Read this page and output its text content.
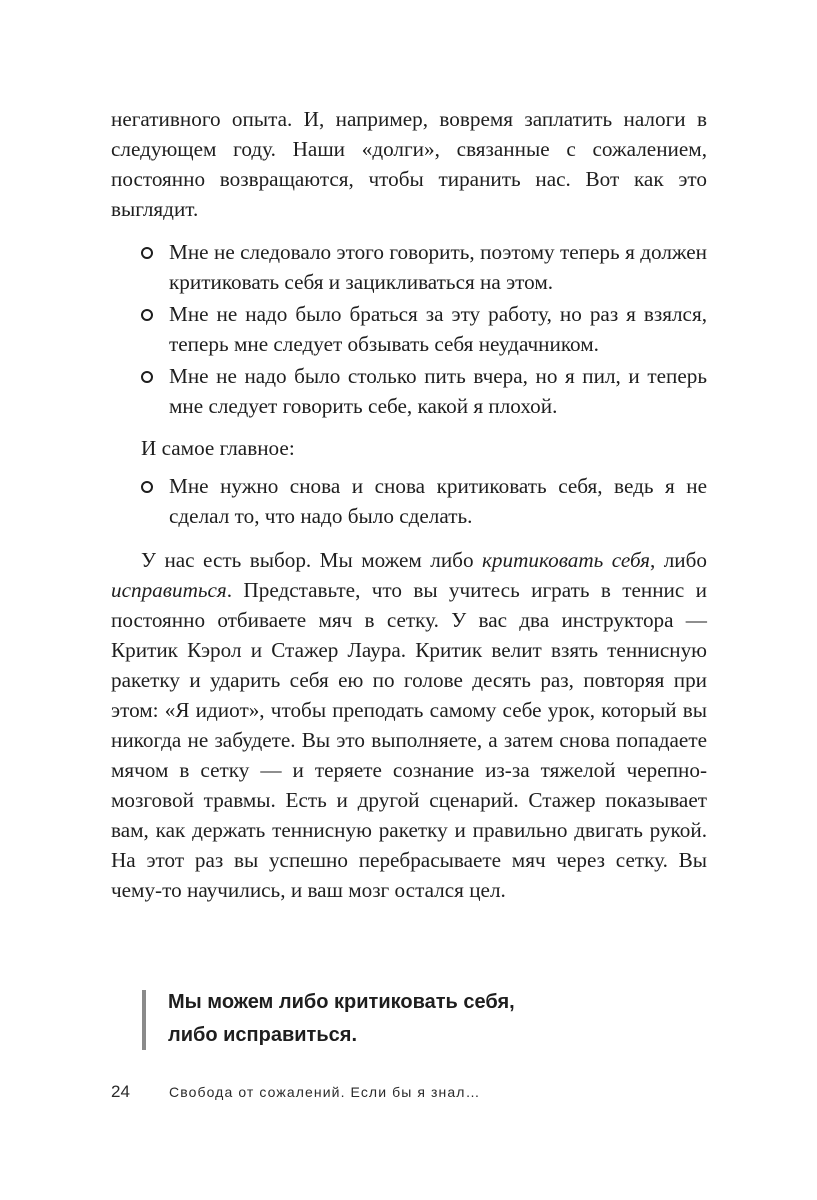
негативного опыта. И, например, вовремя заплатить налоги в следующем году. Наши «долги», связанные с сожалением, постоянно возвращаются, чтобы тиранить нас. Вот как это выглядит.

Мне не следовало этого говорить, поэтому теперь я должен критиковать себя и зацикливаться на этом.
Мне не надо было браться за эту работу, но раз я взялся, теперь мне следует обзывать себя неудачником.
Мне не надо было столько пить вчера, но я пил, и теперь мне следует говорить себе, какой я плохой.

И самое главное:

Мне нужно снова и снова критиковать себя, ведь я не сделал то, что надо было сделать.

У нас есть выбор. Мы можем либо критиковать себя, либо исправиться. Представьте, что вы учитесь играть в теннис и постоянно отбиваете мяч в сетку. У вас два инструктора — Критик Кэрол и Стажер Лаура. Критик велит взять теннисную ракетку и ударить себя ею по голове десять раз, повторяя при этом: «Я идиот», чтобы преподать самому себе урок, который вы никогда не забудете. Вы это выполняете, а затем снова попадаете мячом в сетку — и теряете сознание из-за тяжелой черепно-мозговой травмы. Есть и другой сценарий. Стажер показывает вам, как держать теннисную ракетку и правильно двигать рукой. На этот раз вы успешно перебрасываете мяч через сетку. Вы чему-то научились, и ваш мозг остался цел.

Мы можем либо критиковать себя,
либо исправиться.
24	Свобода от сожалений. Если бы я знал…
